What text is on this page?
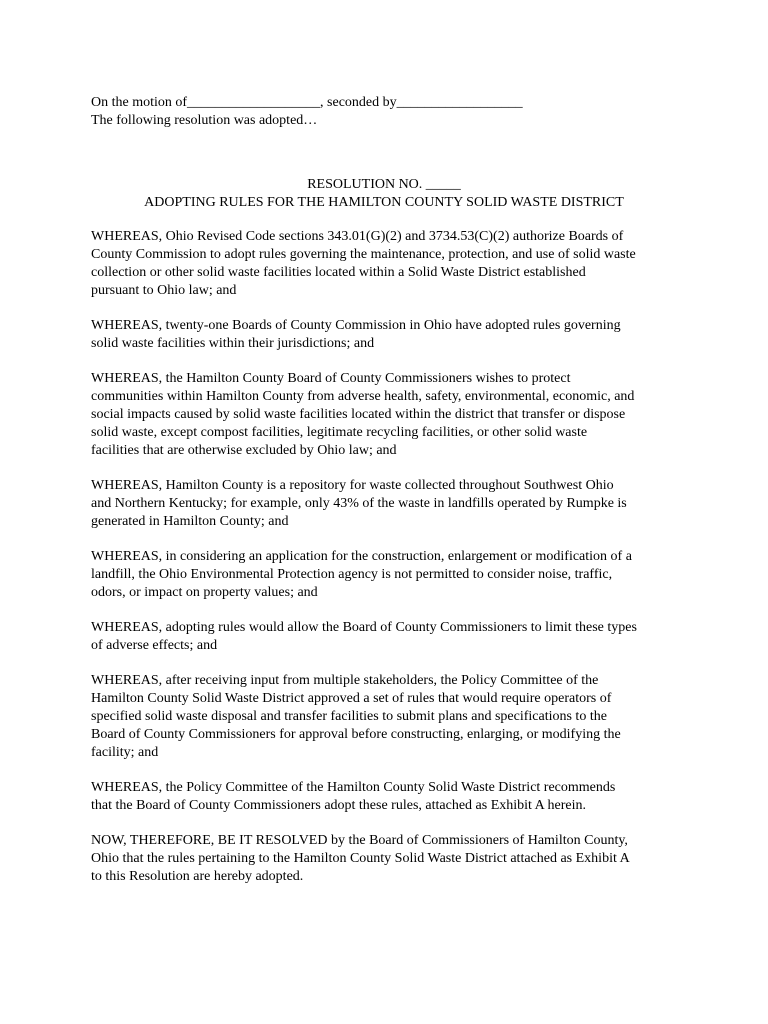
On the motion of___________________, seconded by__________________
The following resolution was adopted…
RESOLUTION NO. _____
ADOPTING RULES FOR THE HAMILTON COUNTY SOLID WASTE DISTRICT
WHEREAS, Ohio Revised Code sections 343.01(G)(2) and 3734.53(C)(2) authorize Boards of
County Commission to adopt rules governing the maintenance, protection, and use of solid waste
collection or other solid waste facilities located within a Solid Waste District established
pursuant to Ohio law; and
WHEREAS, twenty-one Boards of County Commission in Ohio have adopted rules governing
solid waste facilities within their jurisdictions; and
WHEREAS, the Hamilton County Board of County Commissioners wishes to protect
communities within Hamilton County from adverse health, safety, environmental, economic, and
social impacts caused by solid waste facilities located within the district that transfer or dispose
solid waste, except compost facilities, legitimate recycling facilities, or other solid waste
facilities that are otherwise excluded by Ohio law; and
WHEREAS, Hamilton County is a repository for waste collected throughout Southwest Ohio
and Northern Kentucky; for example, only 43% of the waste in landfills operated by Rumpke is
generated in Hamilton County; and
WHEREAS, in considering an application for the construction, enlargement or modification of a
landfill, the Ohio Environmental Protection agency is not permitted to consider noise, traffic,
odors, or impact on property values; and
WHEREAS, adopting rules would allow the Board of County Commissioners to limit these types
of adverse effects; and
WHEREAS, after receiving input from multiple stakeholders, the Policy Committee of the
Hamilton County Solid Waste District approved a set of rules that would require operators of
specified solid waste disposal and transfer facilities to submit plans and specifications to the
Board of County Commissioners for approval before constructing, enlarging, or modifying the
facility; and
WHEREAS, the Policy Committee of the Hamilton County Solid Waste District recommends
that the Board of County Commissioners adopt these rules, attached as Exhibit A herein.
NOW, THEREFORE, BE IT RESOLVED by the Board of Commissioners of Hamilton County,
Ohio that the rules pertaining to the Hamilton County Solid Waste District attached as Exhibit A
to this Resolution are hereby adopted.
